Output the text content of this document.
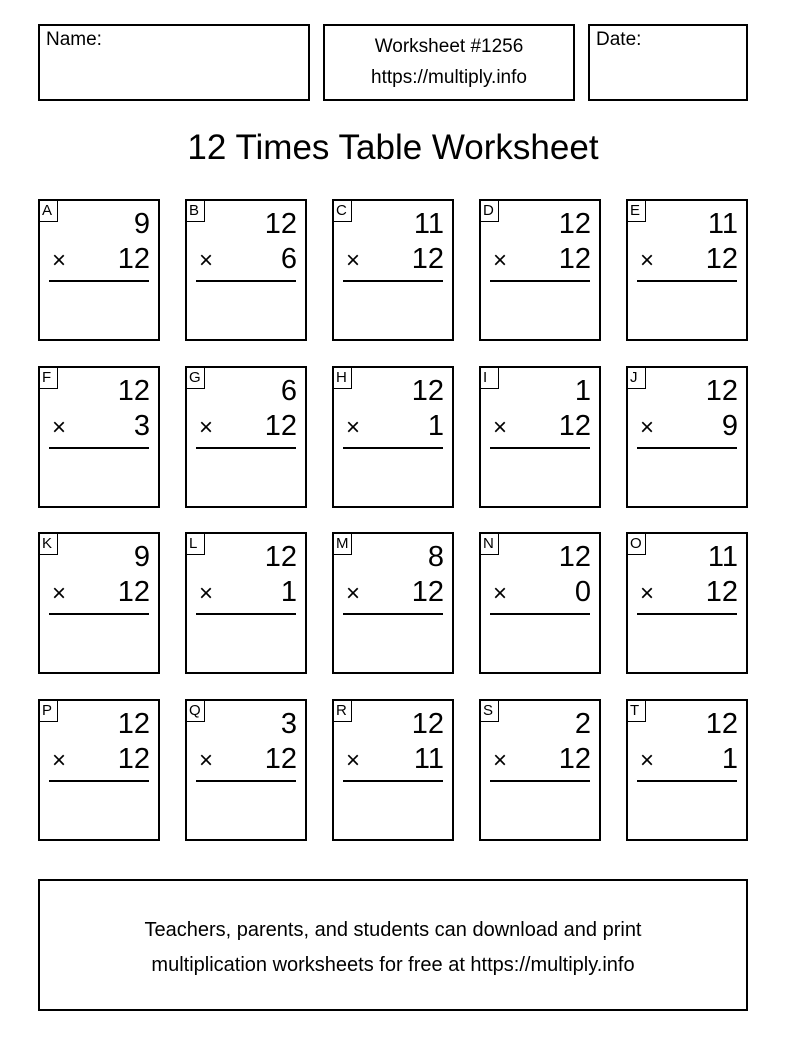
Name:	Worksheet #1256
https://multiply.info
Date:
12 Times Table Worksheet
A	9
× 12
B 12
× 6
C 11
× 12
D 12
× 12
E 11
× 12
F 12
× 3
G	6
× 12
H 12
× 1
I	1
× 12
J 12
× 9
K	9
× 12
L 12
× 1
M	8
× 12
N 12
× 0
O 11
× 12
P 12
× 12
Q	3
× 12
R 12
× 11
S	2
× 12
T 12
× 1
Teachers, parents, and students can download and print
multiplication worksheets for free at https://multiply.info
